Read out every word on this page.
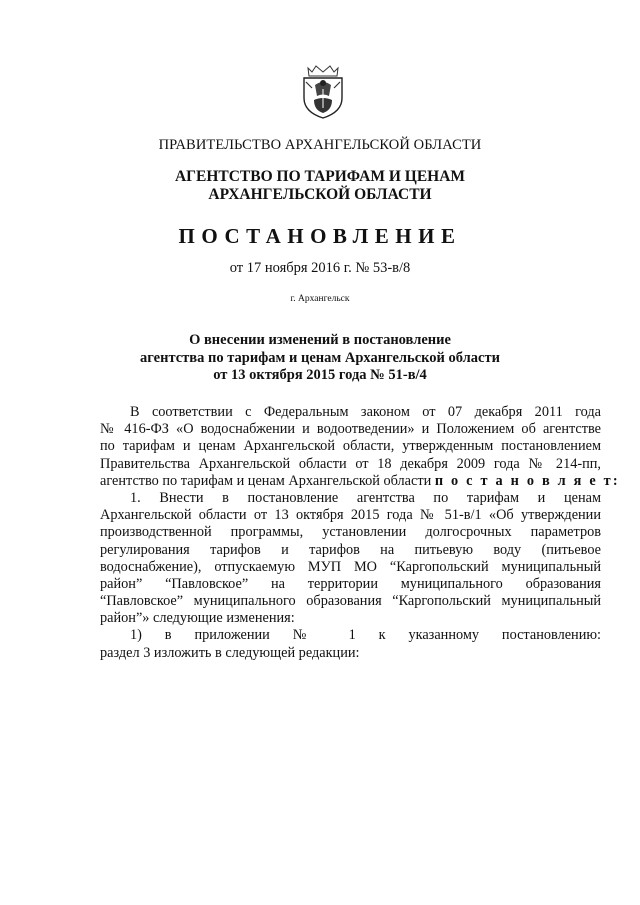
ПРАВИТЕЛЬСТВО АРХАНГЕЛЬСКОЙ ОБЛАСТИ
АГЕНТСТВО ПО ТАРИФАМ И ЦЕНАМ
АРХАНГЕЛЬСКОЙ ОБЛАСТИ
ПОСТАНОВЛЕНИЕ
от 17 ноября 2016 г. № 53-в/8
г. Архангельск
О внесении изменений в постановление
агентства по тарифам и ценам Архангельской области
от 13 октября 2015 года № 51-в/4
В соответствии с Федеральным законом от 07 декабря 2011 года
№ 416-ФЗ «О водоснабжении и водоотведении» и Положением об агентстве
по тарифам и ценам Архангельской области, утвержденным постановлением
Правительства Архангельской области от 18 декабря 2009 года № 214-пп,
агентство по тарифам и ценам Архангельской области п о с т а н о в л я е т:
1. Внести в постановление агентства по тарифам и ценам
Архангельской области от 13 октября 2015 года № 51-в/1 «Об утверждении
производственной программы, установлении долгосрочных параметров
регулирования тарифов и тарифов на питьевую воду (питьевое
водоснабжение), отпускаемую МУП МО “Каргопольский муниципальный
район” “Павловское” на территории муниципального образования
“Павловское” муниципального образования “Каргопольский муниципальный
район”» следующие изменения:
1) в приложении № 1 к указанному постановлению:
раздел 3 изложить в следующей редакции:
